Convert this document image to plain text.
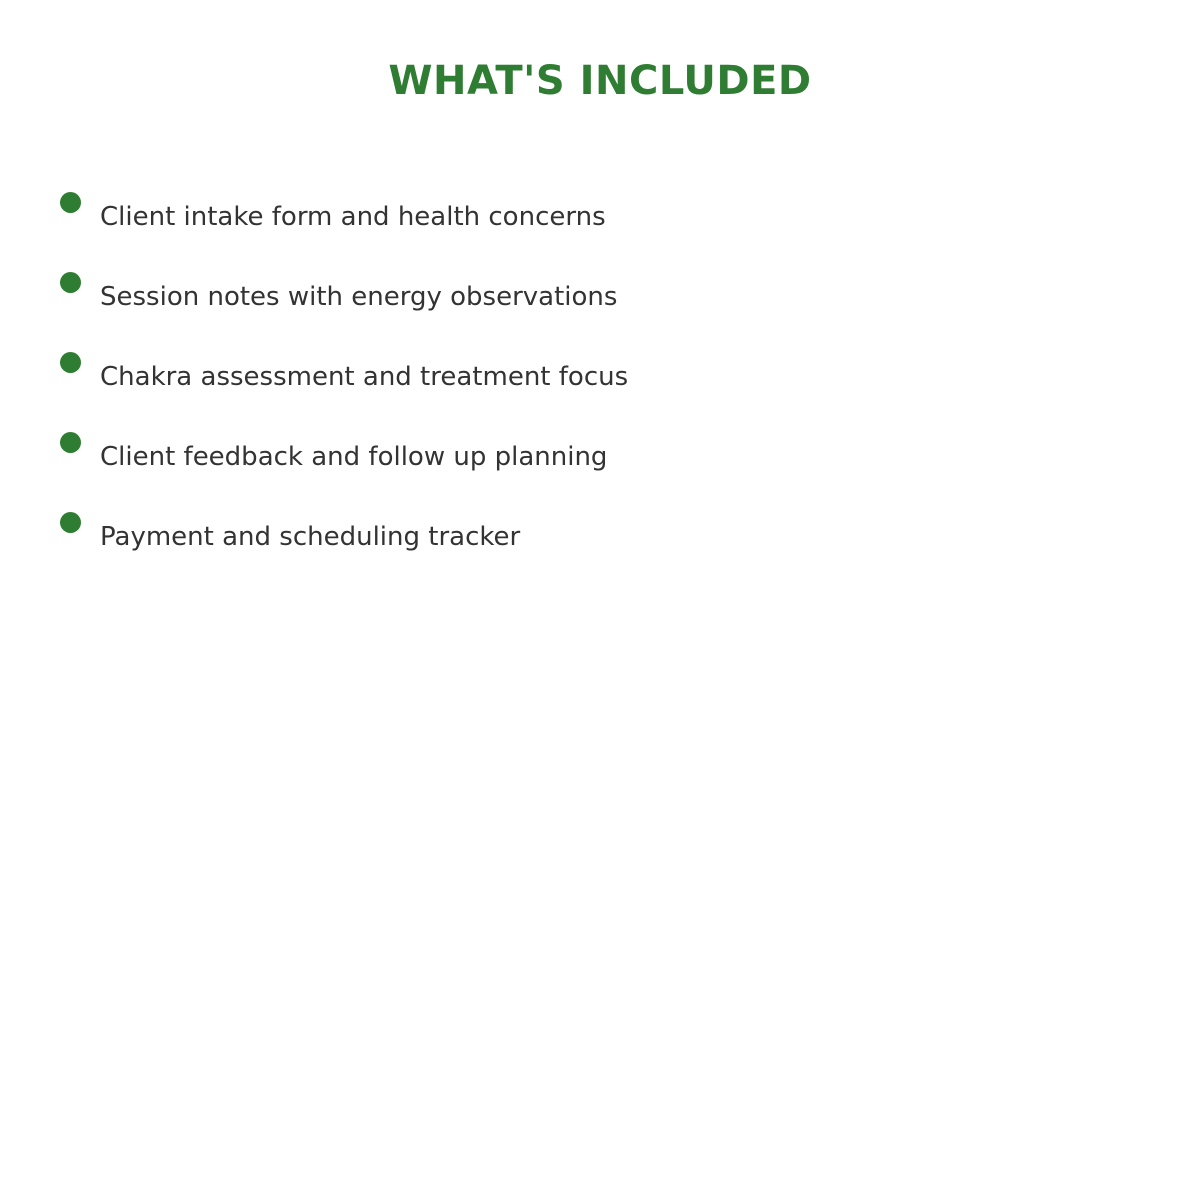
WHAT'S INCLUDED
Client intake form and health concerns
Session notes with energy observations
Chakra assessment and treatment focus
Client feedback and follow up planning
Payment and scheduling tracker
